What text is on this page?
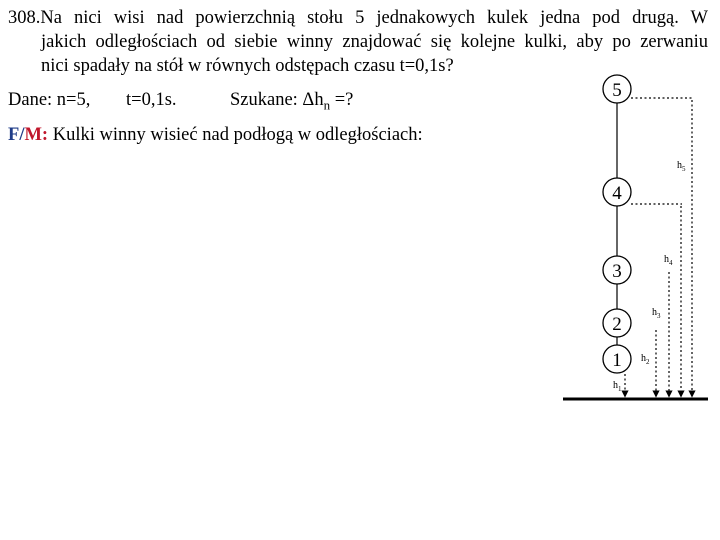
308.Na nici wisi nad powierzchnią stołu 5 jednakowych kulek jedna pod drugą. W
jakich odległościach od siebie winny znajdować się kolejne kulki, aby po zerwaniu
nici spadały na stół w równych odstępach czasu t=0,1s?
Dane: n=5, t=0,1s.	Szukane: $\Delta h_n$ =?
F/M: Kulki winny wisieć nad podłogą w odległościach:
5
4
3
2
1
$h_5$
$h_4$
$h_3$
$h_2$
$h_1$
